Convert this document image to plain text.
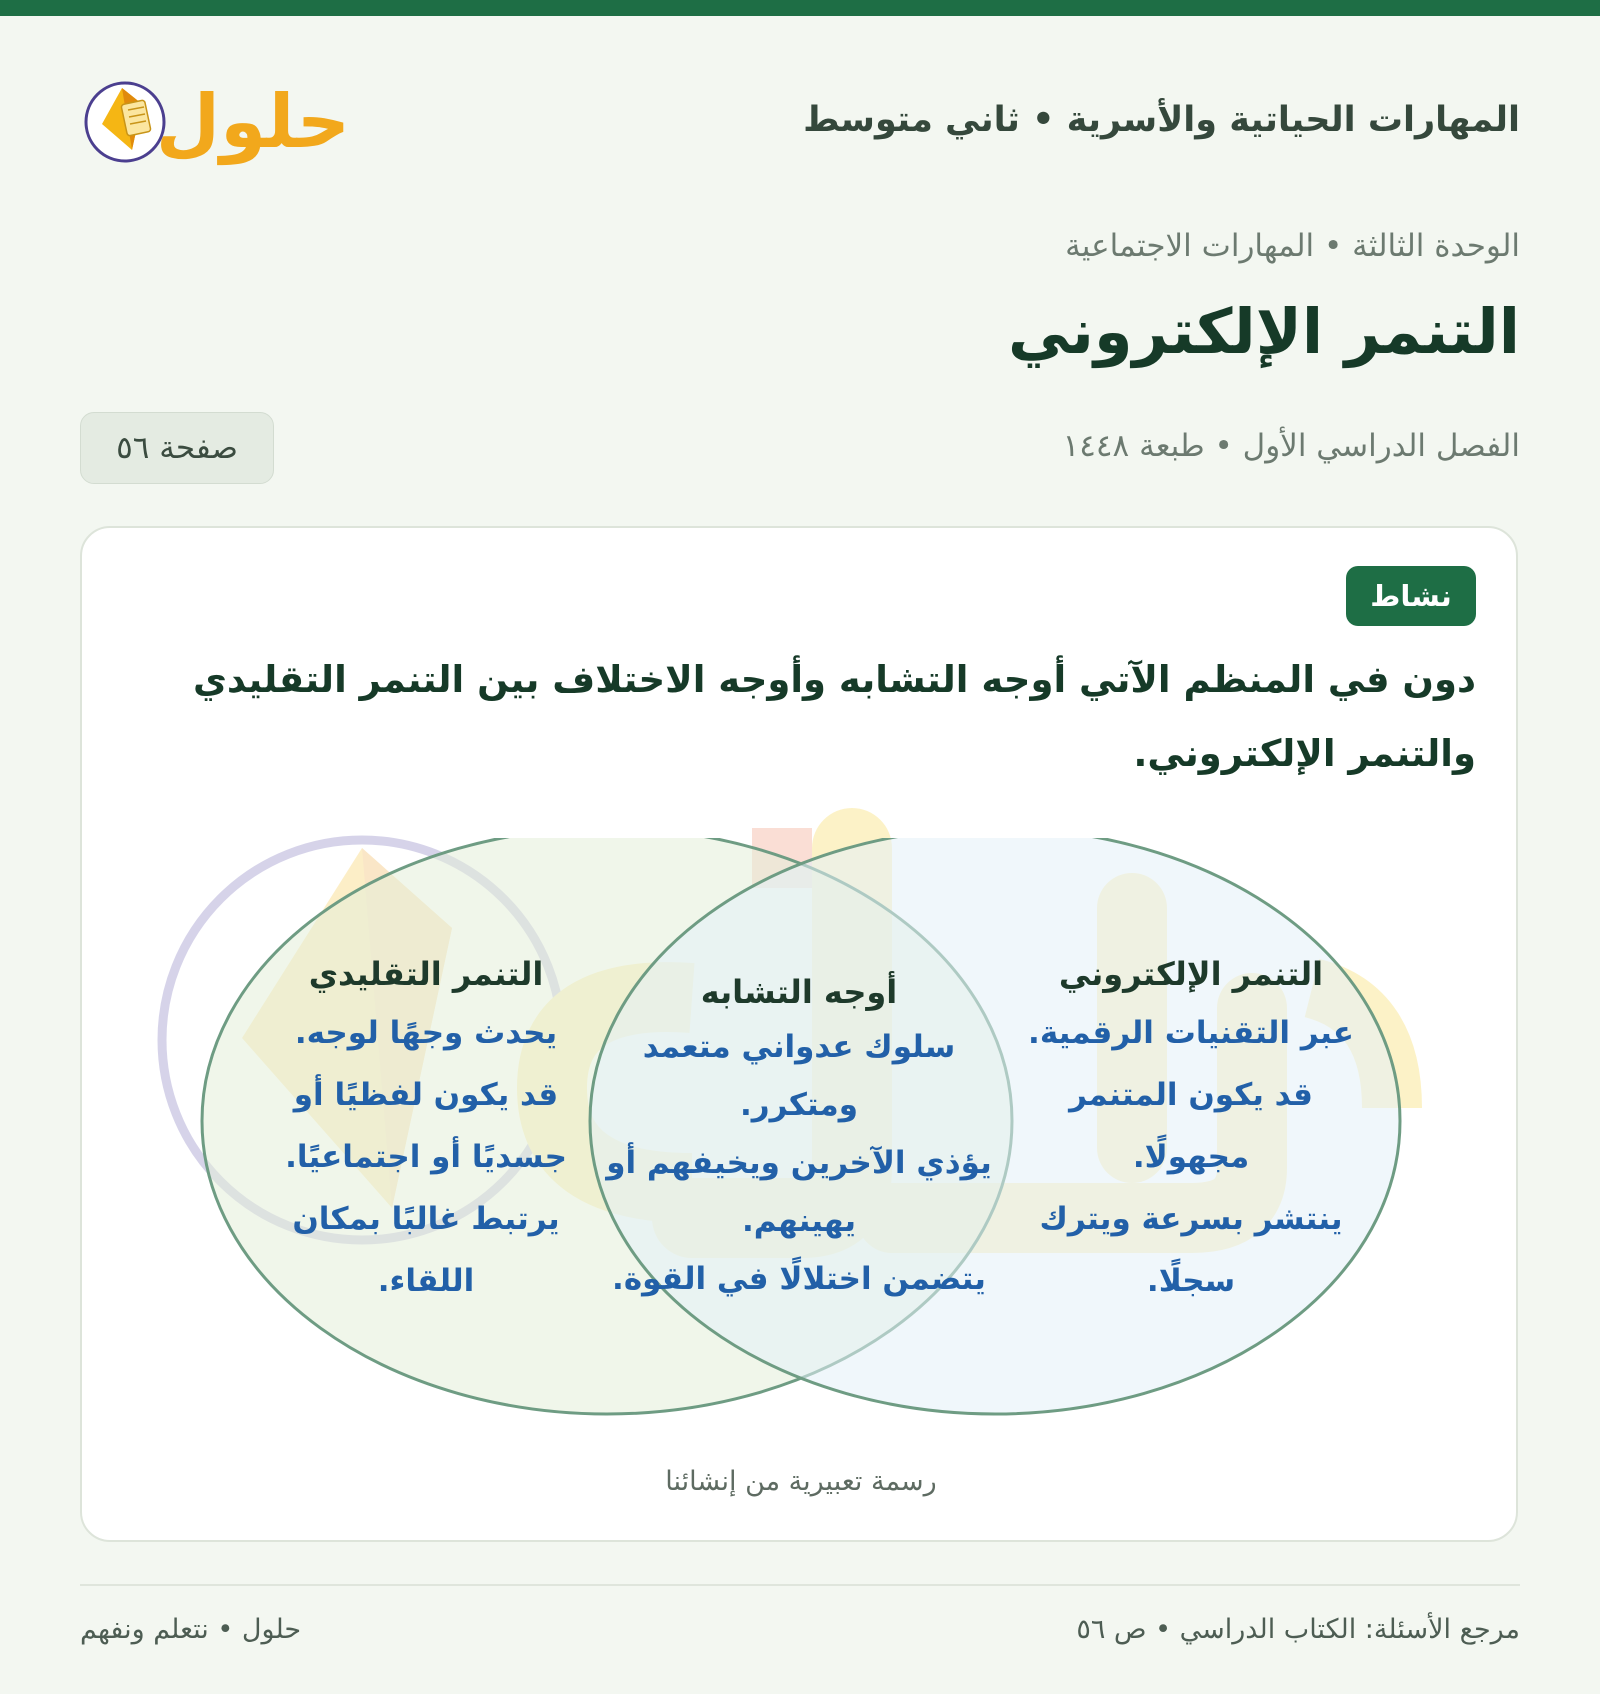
المهارات الحياتية والأسرية • ثاني متوسط
حلول

الوحدة الثالثة • المهارات الاجتماعية

التنمر الإلكتروني

الفصل الدراسي الأول • طبعة ١٤٤٨

صفحة ٥٦
نشاط

دون في المنظم الآتي أوجه التشابه وأوجه الاختلاف بين التنمر التقليدي والتنمر الإلكتروني.

التنمر الإلكتروني
عبر التقنيات الرقمية.
قد يكون المتنمر
مجهولًا.
ينتشر بسرعة ويترك
سجلًا.
أوجه التشابه
سلوك عدواني متعمد
ومتكرر.
يؤذي الآخرين ويخيفهم أو
يهينهم.
يتضمن اختلالًا في القوة.
التنمر التقليدي
يحدث وجهًا لوجه.
قد يكون لفظيًا أو
جسديًا أو اجتماعيًا.
يرتبط غالبًا بمكان
اللقاء.

رسمة تعبيرية من إنشائنا

مرجع الأسئلة: الكتاب الدراسي • ص ٥٦

حلول • نتعلم ونفهم
